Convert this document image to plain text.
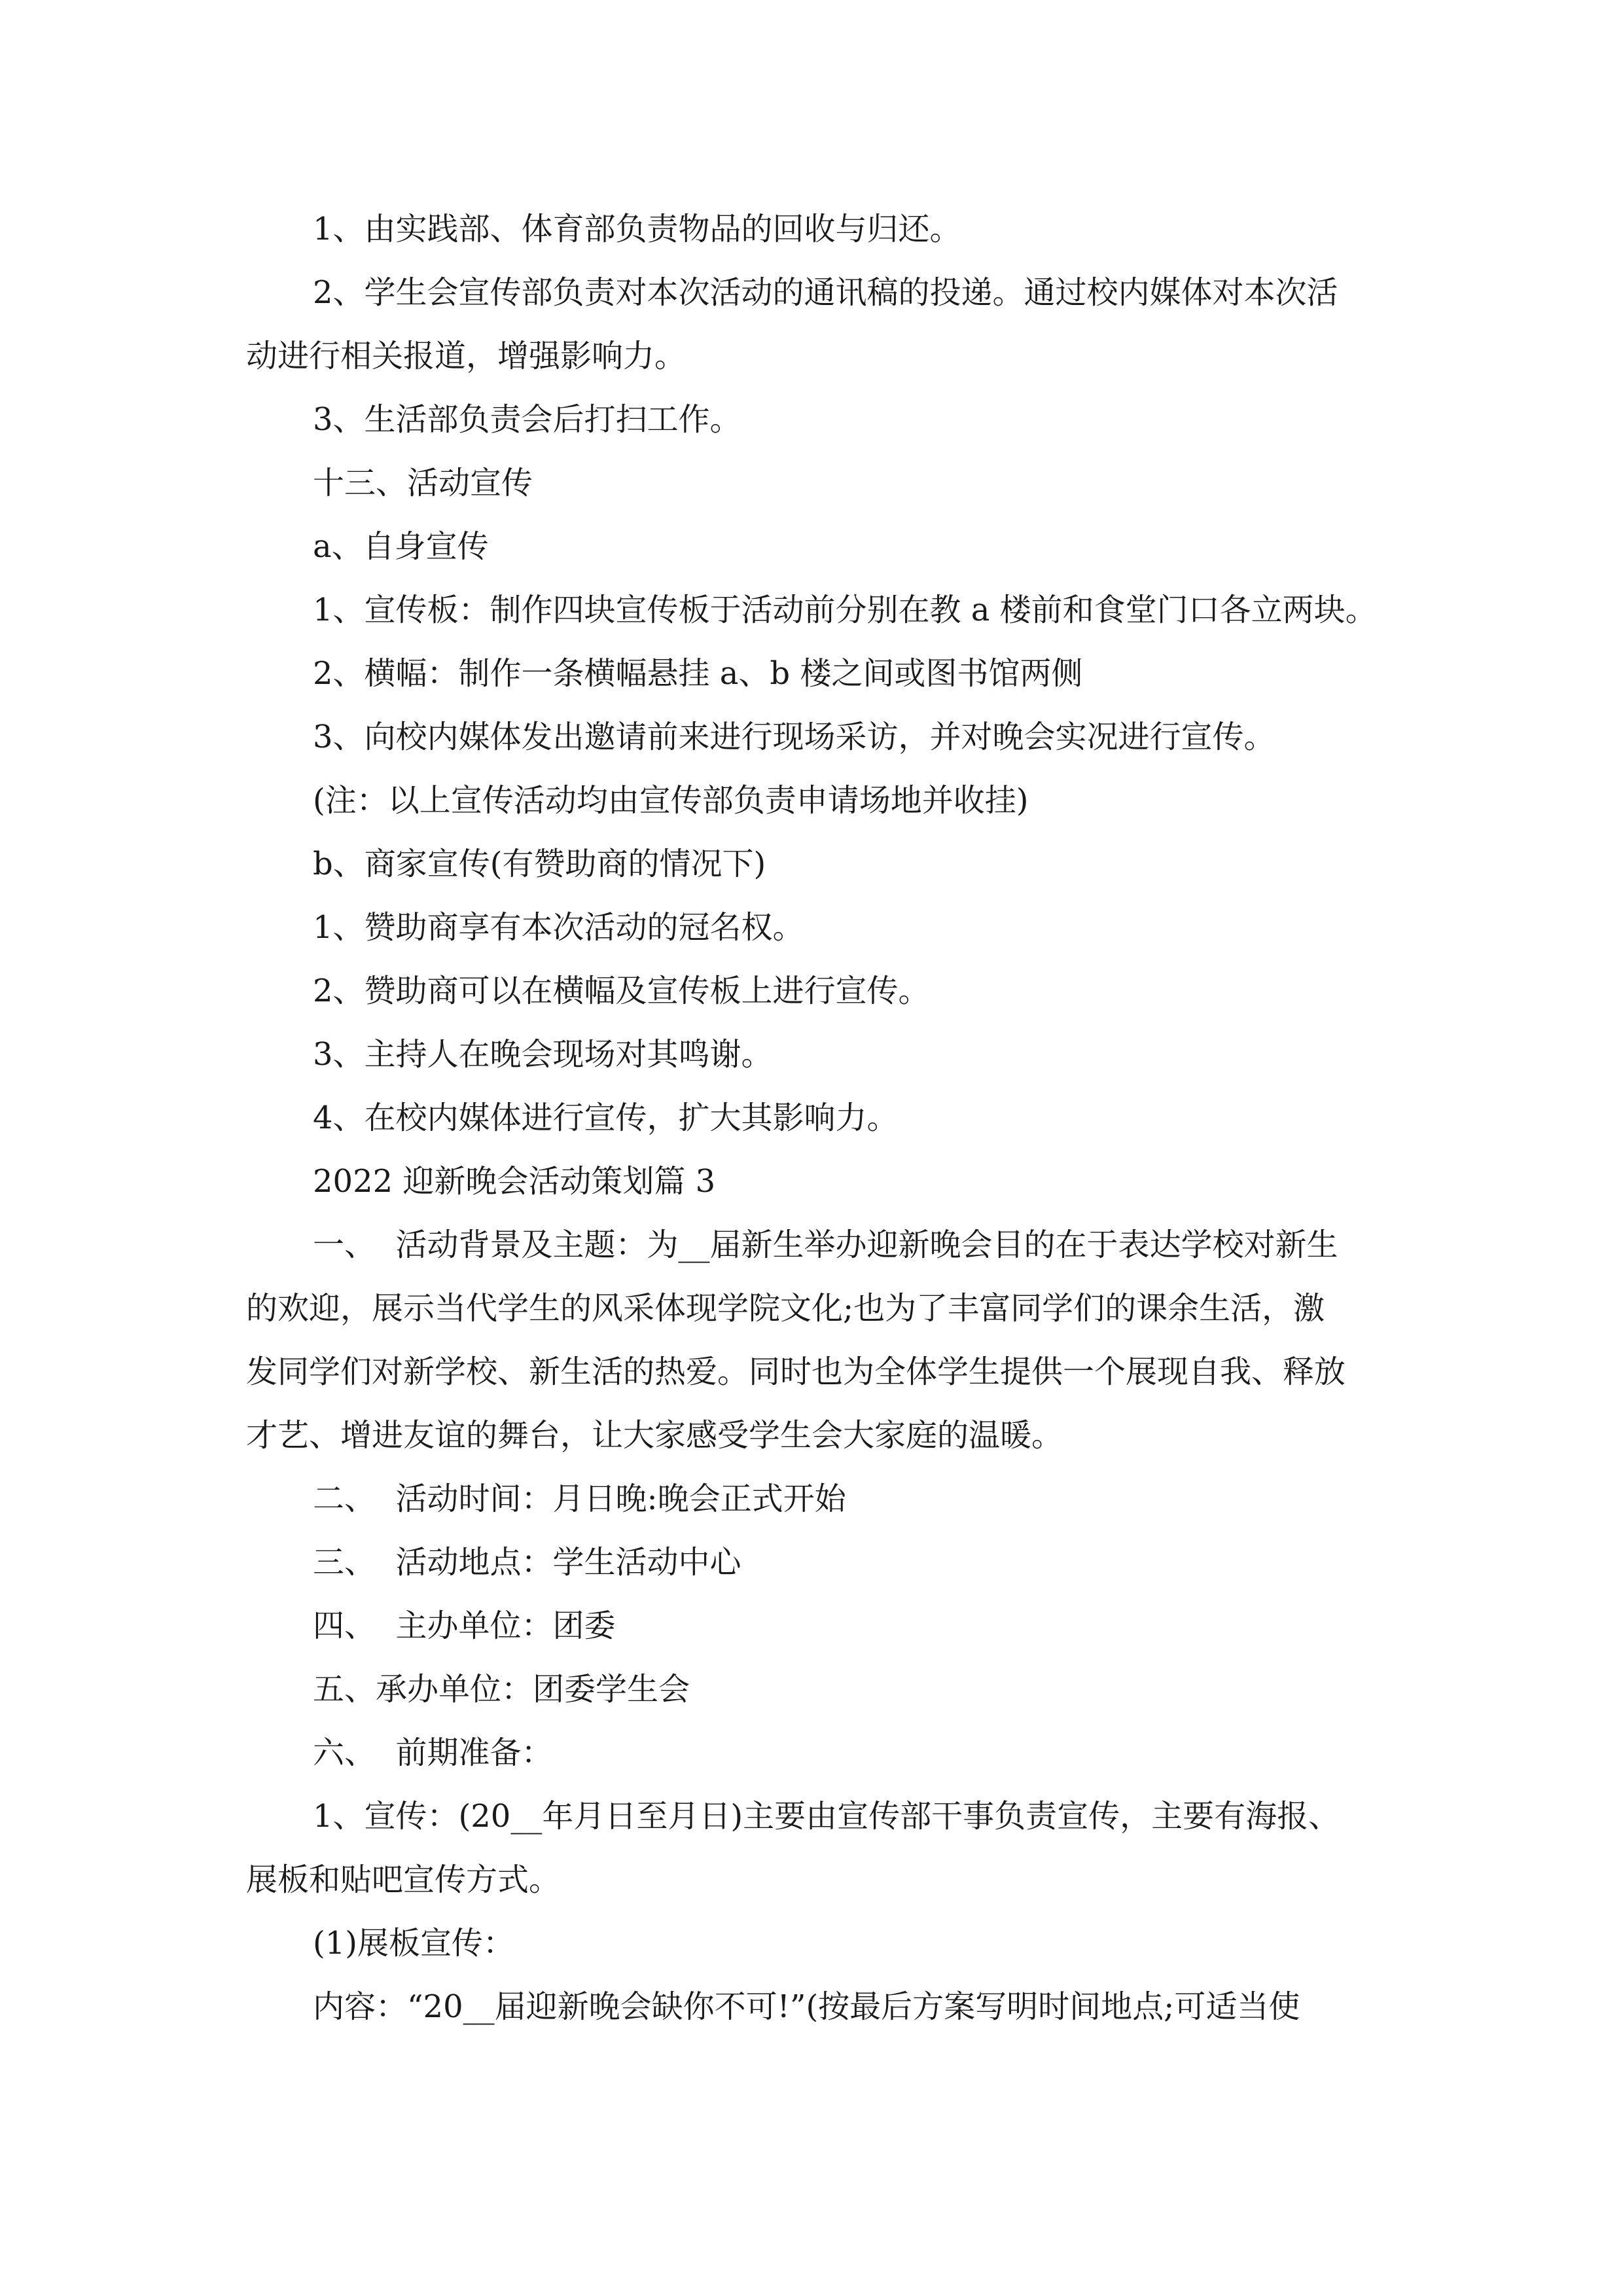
1、由实践部、体育部负责物品的回收与归还。
2、学生会宣传部负责对本次活动的通讯稿的投递。通过校内媒体对本次活
动进行相关报道，增强影响力。
3、生活部负责会后打扫工作。
十三、活动宣传
a、自身宣传
1、宣传板：制作四块宣传板于活动前分别在教 a 楼前和食堂门口各立两块。
2、横幅：制作一条横幅悬挂 a、b 楼之间或图书馆两侧
3、向校内媒体发出邀请前来进行现场采访，并对晚会实况进行宣传。
(注：以上宣传活动均由宣传部负责申请场地并收挂)
b、商家宣传(有赞助商的情况下)
1、赞助商享有本次活动的冠名权。
2、赞助商可以在横幅及宣传板上进行宣传。
3、主持人在晚会现场对其鸣谢。
4、在校内媒体进行宣传，扩大其影响力。
2022 迎新晚会活动策划篇 3
一、  活动背景及主题：为__届新生举办迎新晚会目的在于表达学校对新生
的欢迎，展示当代学生的风采体现学院文化;也为了丰富同学们的课余生活，激
发同学们对新学校、新生活的热爱。同时也为全体学生提供一个展现自我、释放
才艺、增进友谊的舞台，让大家感受学生会大家庭的温暖。
二、  活动时间：月日晚:晚会正式开始
三、  活动地点：学生活动中心
四、  主办单位：团委
五、承办单位：团委学生会
六、  前期准备：
1、宣传：(20__年月日至月日)主要由宣传部干事负责宣传，主要有海报、
展板和贴吧宣传方式。
(1)展板宣传：
内容：“20__届迎新晚会缺你不可!”(按最后方案写明时间地点;可适当使
